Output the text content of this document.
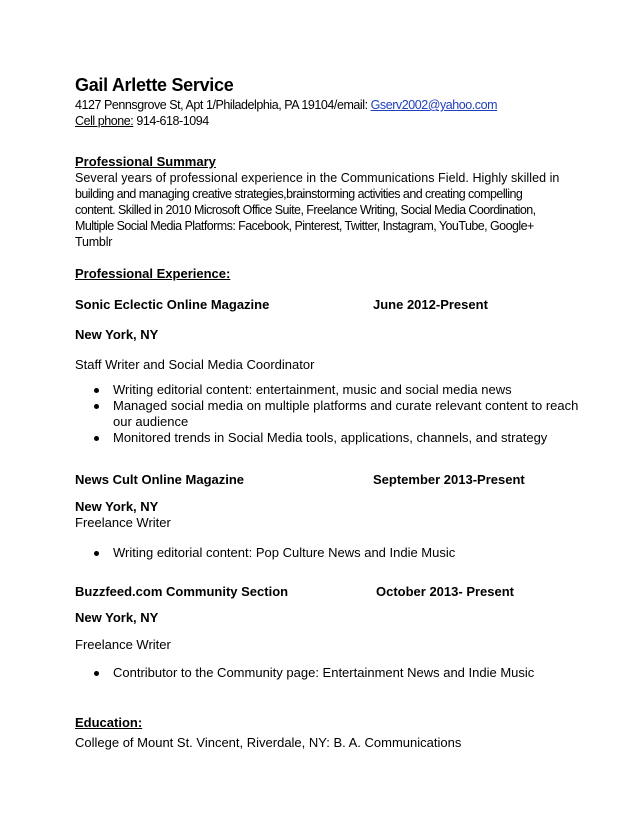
Gail Arlette Service
4127 Pennsgrove St, Apt 1/Philadelphia, PA 19104/email: Gserv2002@yahoo.com
Cell phone: 914-618-1094
Professional Summary
Several years of professional experience in the Communications Field. Highly skilled in
building and managing creative strategies,brainstorming activities and creating compelling
content. Skilled in 2010 Microsoft Office Suite, Freelance Writing, Social Media Coordination,
Multiple Social Media Platforms: Facebook, Pinterest, Twitter, Instagram, YouTube, Google+
Tumblr
Professional Experience:
Sonic Eclectic Online Magazine	June 2012-Present
New York, NY
Staff Writer and Social Media Coordinator
Writing editorial content: entertainment, music and social media news
Managed social media on multiple platforms and curate relevant content to reach our audience
Monitored trends in Social Media tools, applications, channels, and strategy
News Cult Online Magazine	September 2013-Present
New York, NY
Freelance Writer
Writing editorial content: Pop Culture News and Indie Music
Buzzfeed.com Community Section	October 2013- Present
New York, NY
Freelance Writer
Contributor to the Community page: Entertainment News and Indie Music
Education:
College of Mount St. Vincent, Riverdale, NY: B. A. Communications
